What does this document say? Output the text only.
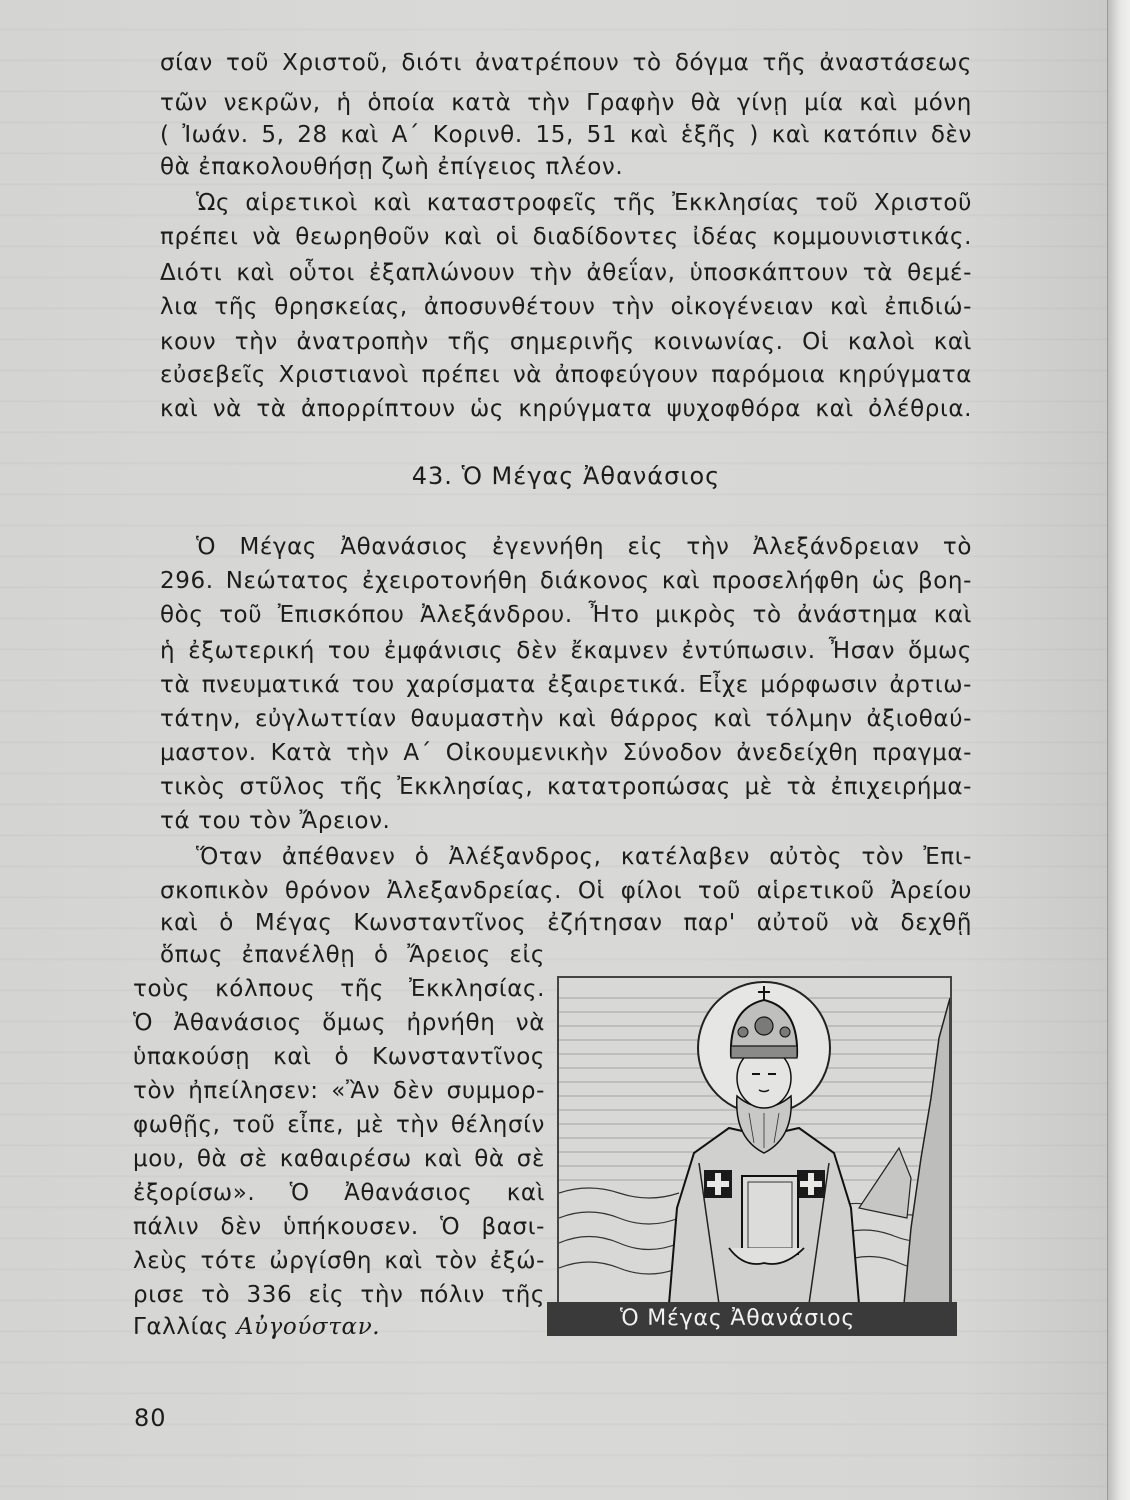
σίαν τοῦ Χριστοῦ, διότι ἀνατρέπουν τὸ δόγμα τῆς ἀναστάσεως
τῶν νεκρῶν, ἡ ὁποία κατὰ τὴν Γραφὴν θὰ γίνῃ μία καὶ μόνη
( Ἰωάν. 5, 28 καὶ Α΄ Κορινθ. 15, 51 καὶ ἑξῆς ) καὶ κατόπιν δὲν
θὰ ἐπακολουθήσῃ ζωὴ ἐπίγειος πλέον.
Ὡς αἱρετικοὶ καὶ καταστροφεῖς τῆς Ἐκκλησίας τοῦ Χριστοῦ
πρέπει νὰ θεωρηθοῦν καὶ οἱ διαδίδοντες ἰδέας κομμουνιστικάς.
Διότι καὶ οὗτοι ἐξαπλώνουν τὴν ἀθεΐαν, ὑποσκάπτουν τὰ θεμέ-
λια τῆς θρησκείας, ἀποσυνθέτουν τὴν οἰκογένειαν καὶ ἐπιδιώ-
κουν τὴν ἀνατροπὴν τῆς σημερινῆς κοινωνίας. Οἱ καλοὶ καὶ
εὐσεβεῖς Χριστιανοὶ πρέπει νὰ ἀποφεύγουν παρόμοια κηρύγματα
καὶ νὰ τὰ ἀπορρίπτουν ὡς κηρύγματα ψυχοφθόρα καὶ ὀλέθρια.
43. Ὁ Μέγας Ἀθανάσιος
Ὁ Μέγας Ἀθανάσιος ἐγεννήθη εἰς τὴν Ἀλεξάνδρειαν τὸ
296. Νεώτατος ἐχειροτονήθη διάκονος καὶ προσελήφθη ὡς βοη-
θὸς τοῦ Ἐπισκόπου Ἀλεξάνδρου. Ἦτο μικρὸς τὸ ἀνάστημα καὶ
ἡ ἐξωτερική του ἐμφάνισις δὲν ἔκαμνεν ἐντύπωσιν. Ἦσαν ὅμως
τὰ πνευματικά του χαρίσματα ἐξαιρετικά. Εἶχε μόρφωσιν ἀρτιω-
τάτην, εὐγλωττίαν θαυμαστὴν καὶ θάρρος καὶ τόλμην ἀξιοθαύ-
μαστον. Κατὰ τὴν Α΄ Οἰκουμενικὴν Σύνοδον ἀνεδείχθη πραγμα-
τικὸς στῦλος τῆς Ἐκκλησίας, κατατροπώσας μὲ τὰ ἐπιχειρήμα-
τά του τὸν Ἄρειον.
Ὅταν ἀπέθανεν ὁ Ἀλέξανδρος, κατέλαβεν αὐτὸς τὸν Ἐπι-
σκοπικὸν θρόνον Ἀλεξανδρείας. Οἱ φίλοι τοῦ αἱρετικοῦ Ἀρείου
καὶ ὁ Μέγας Κωνσταντῖνος ἐζήτησαν παρ' αὐτοῦ νὰ δεχθῇ
ὅπως ἐπανέλθῃ ὁ Ἄρειος εἰς
τοὺς κόλπους τῆς Ἐκκλησίας.
Ὁ Ἀθανάσιος ὅμως ἠρνήθη νὰ
ὑπακούσῃ καὶ ὁ Κωνσταντῖνος
τὸν ἠπείλησεν: «Ἂν δὲν συμμορ-
φωθῇς, τοῦ εἶπε, μὲ τὴν θέλησίν
μου, θὰ σὲ καθαιρέσω καὶ θὰ σὲ
ἐξορίσω». Ὁ Ἀθανάσιος καὶ
πάλιν δὲν ὑπήκουσεν. Ὁ βασι-
λεὺς τότε ὠργίσθη καὶ τὸν ἐξώ-
ρισε τὸ 336 εἰς τὴν πόλιν τῆς
Γαλλίας Αὐγούσταν.	Ὁ Μέγας Ἀθανάσιος
80
